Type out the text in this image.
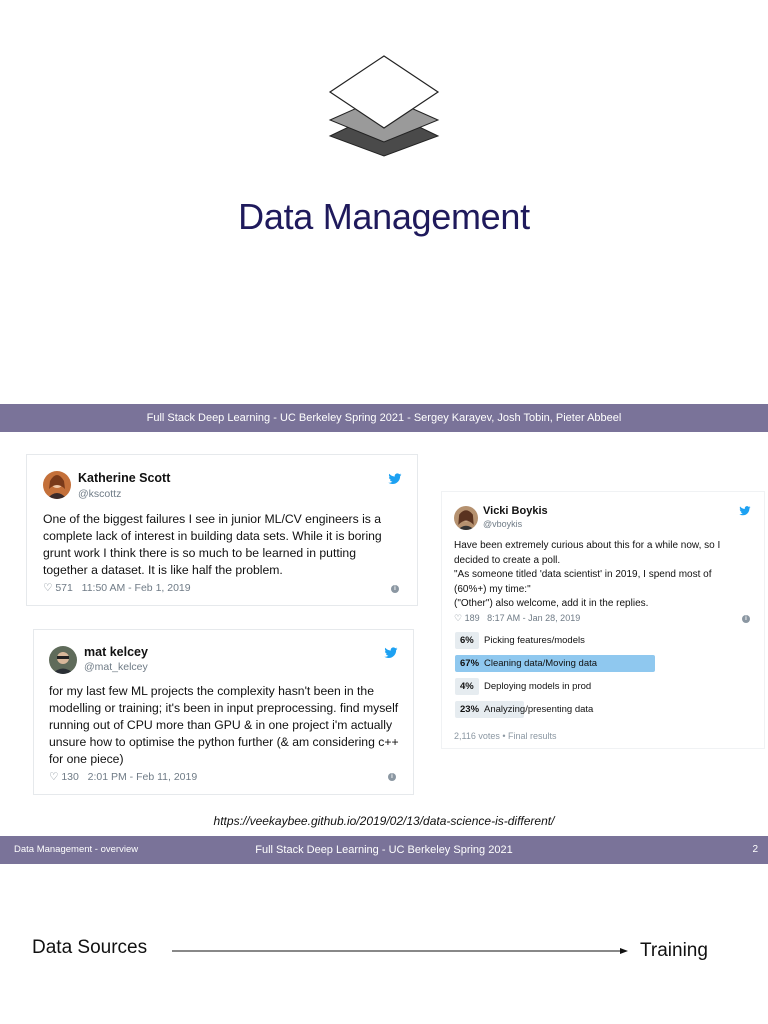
Data Management
Full Stack Deep Learning - UC Berkeley Spring 2021 - Sergey Karayev, Josh Tobin, Pieter Abbeel
Katherine Scott
@kscottz
One of the biggest failures I see in junior ML/CV engineers is a complete lack of interest in building data sets. While it is boring grunt work I think there is so much to be learned in putting together a dataset. It is like half the problem.
♡ 571 11:50 AM - Feb 1, 2019	i
mat kelcey
@mat_kelcey
for my last few ML projects the complexity hasn't been in the modelling or training; it's been in input preprocessing. find myself running out of CPU more than GPU & in one project i'm actually unsure how to optimise the python further (& am considering c++ for one piece)
♡ 130 2:01 PM - Feb 11, 2019	i
Vicki Boykis
@vboykis
Have been extremely curious about this for a while now, so I
decided to create a poll.
"As someone titled 'data scientist' in 2019, I spend most of
(60%+) my time:"
("Other") also welcome, add it in the replies.
♡ 189 8:17 AM - Jan 28, 2019	i
6% Picking features/models
67% Cleaning data/Moving data
4% Deploying models in prod
23% Analyzing/presenting data
2,116 votes • Final results
https://veekaybee.github.io/2019/02/13/data-science-is-different/
Data Management - overview	Full Stack Deep Learning - UC Berkeley Spring 2021	2
Data Sources	Training
